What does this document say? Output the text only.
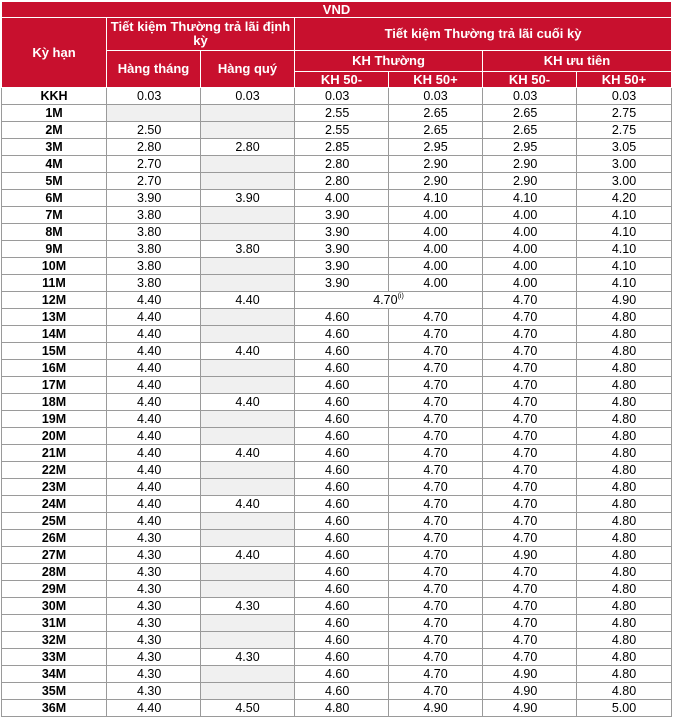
VND						
Kỳ hạn	Tiết kiệm Thường trả lãi định kỳ		Tiết kiệm Thường trả lãi cuối kỳ			
	Hàng tháng	Hàng quý	KH Thường		KH ưu tiên	
			KH 50-	KH 50+	KH 50-	KH 50+
KKH	0.03	0.03	0.03	0.03	0.03	0.03
1M			2.55	2.65	2.65	2.75
2M	2.50		2.55	2.65	2.65	2.75
3M	2.80	2.80	2.85	2.95	2.95	3.05
4M	2.70		2.80	2.90	2.90	3.00
5M	2.70		2.80	2.90	2.90	3.00
6M	3.90	3.90	4.00	4.10	4.10	4.20
7M	3.80		3.90	4.00	4.00	4.10
8M	3.80		3.90	4.00	4.00	4.10
9M	3.80	3.80	3.90	4.00	4.00	4.10
10M	3.80		3.90	4.00	4.00	4.10
11M	3.80		3.90	4.00	4.00	4.10
12M	4.40	4.40	4.70$^{(i)}$		4.70	4.90
13M	4.40		4.60	4.70	4.70	4.80
14M	4.40		4.60	4.70	4.70	4.80
15M	4.40	4.40	4.60	4.70	4.70	4.80
16M	4.40		4.60	4.70	4.70	4.80
17M	4.40		4.60	4.70	4.70	4.80
18M	4.40	4.40	4.60	4.70	4.70	4.80
19M	4.40		4.60	4.70	4.70	4.80
20M	4.40		4.60	4.70	4.70	4.80
21M	4.40	4.40	4.60	4.70	4.70	4.80
22M	4.40		4.60	4.70	4.70	4.80
23M	4.40		4.60	4.70	4.70	4.80
24M	4.40	4.40	4.60	4.70	4.70	4.80
25M	4.40		4.60	4.70	4.70	4.80
26M	4.30		4.60	4.70	4.70	4.80
27M	4.30	4.40	4.60	4.70	4.90	4.80
28M	4.30		4.60	4.70	4.70	4.80
29M	4.30		4.60	4.70	4.70	4.80
30M	4.30	4.30	4.60	4.70	4.70	4.80
31M	4.30		4.60	4.70	4.70	4.80
32M	4.30		4.60	4.70	4.70	4.80
33M	4.30	4.30	4.60	4.70	4.70	4.80
34M	4.30		4.60	4.70	4.90	4.80
35M	4.30		4.60	4.70	4.90	4.80
36M	4.40	4.50	4.80	4.90	4.90	5.00
